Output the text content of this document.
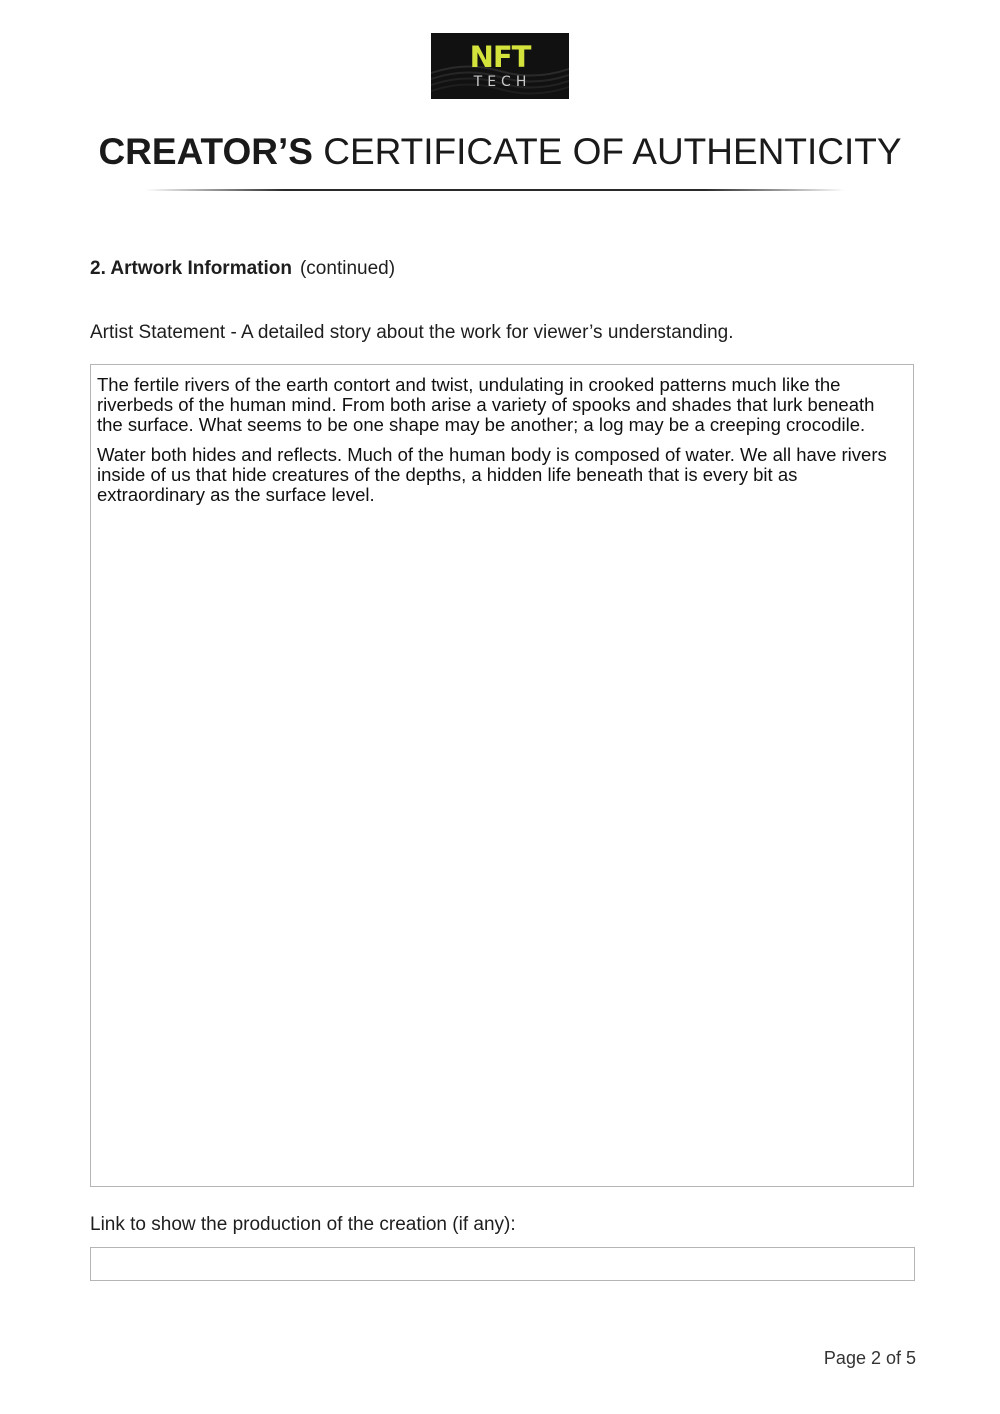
NFT
TECH
CREATOR’S CERTIFICATE OF AUTHENTICITY
2. Artwork Information (continued)
Artist Statement - A detailed story about the work for viewer’s understanding.

The fertile rivers of the earth contort and twist, undulating in crooked patterns much like the riverbeds of the human mind. From both arise a variety of spooks and shades that lurk beneath the surface. What seems to be one shape may be another; a log may be a creeping crocodile.

Water both hides and reflects. Much of the human body is composed of water. We all have rivers inside of us that hide creatures of the depths, a hidden life beneath that is every bit as extraordinary as the surface level.

Link to show the production of the creation (if any):
Page 2 of 5
